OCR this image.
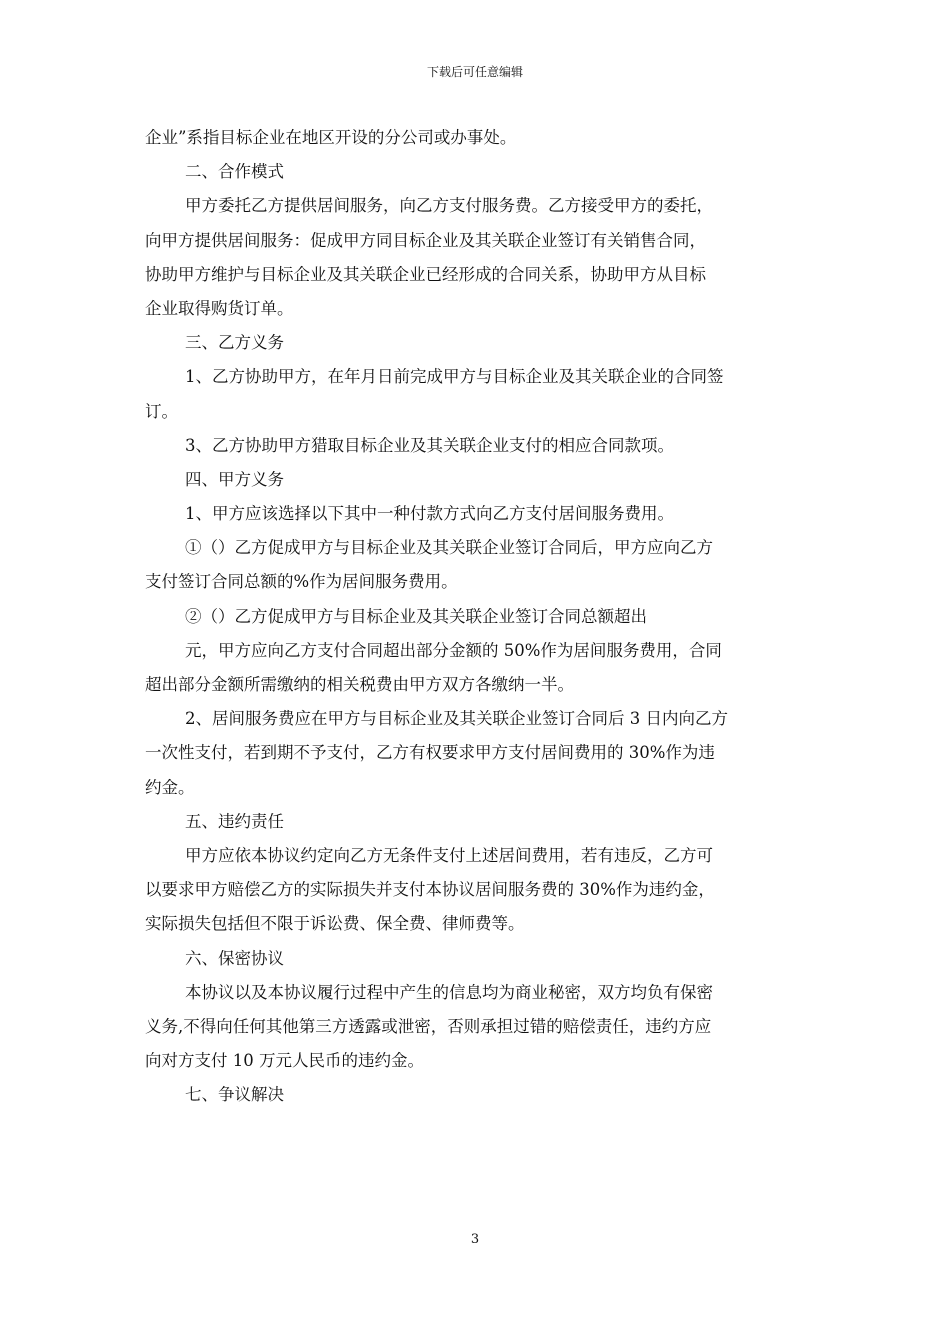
下载后可任意编辑
企业”系指目标企业在地区开设的分公司或办事处。
二、合作模式
甲方委托乙方提供居间服务，向乙方支付服务费。乙方接受甲方的委托，
向甲方提供居间服务：促成甲方同目标企业及其关联企业签订有关销售合同，
协助甲方维护与目标企业及其关联企业已经形成的合同关系，协助甲方从目标
企业取得购货订单。
三、乙方义务
1、乙方协助甲方，在年月日前完成甲方与目标企业及其关联企业的合同签
订。
3、乙方协助甲方猎取目标企业及其关联企业支付的相应合同款项。
四、甲方义务
1、甲方应该选择以下其中一种付款方式向乙方支付居间服务费用。
①（）乙方促成甲方与目标企业及其关联企业签订合同后，甲方应向乙方
支付签订合同总额的%作为居间服务费用。
②（）乙方促成甲方与目标企业及其关联企业签订合同总额超出
元，甲方应向乙方支付合同超出部分金额的 50%作为居间服务费用，合同
超出部分金额所需缴纳的相关税费由甲方双方各缴纳一半。
2、居间服务费应在甲方与目标企业及其关联企业签订合同后 3 日内向乙方
一次性支付，若到期不予支付，乙方有权要求甲方支付居间费用的 30%作为违
约金。
五、违约责任
甲方应依本协议约定向乙方无条件支付上述居间费用，若有违反，乙方可
以要求甲方赔偿乙方的实际损失并支付本协议居间服务费的 30%作为违约金，
实际损失包括但不限于诉讼费、保全费、律师费等。
六、保密协议
本协议以及本协议履行过程中产生的信息均为商业秘密，双方均负有保密
义务,不得向任何其他第三方透露或泄密，否则承担过错的赔偿责任，违约方应
向对方支付 10 万元人民币的违约金。
七、争议解决
3
